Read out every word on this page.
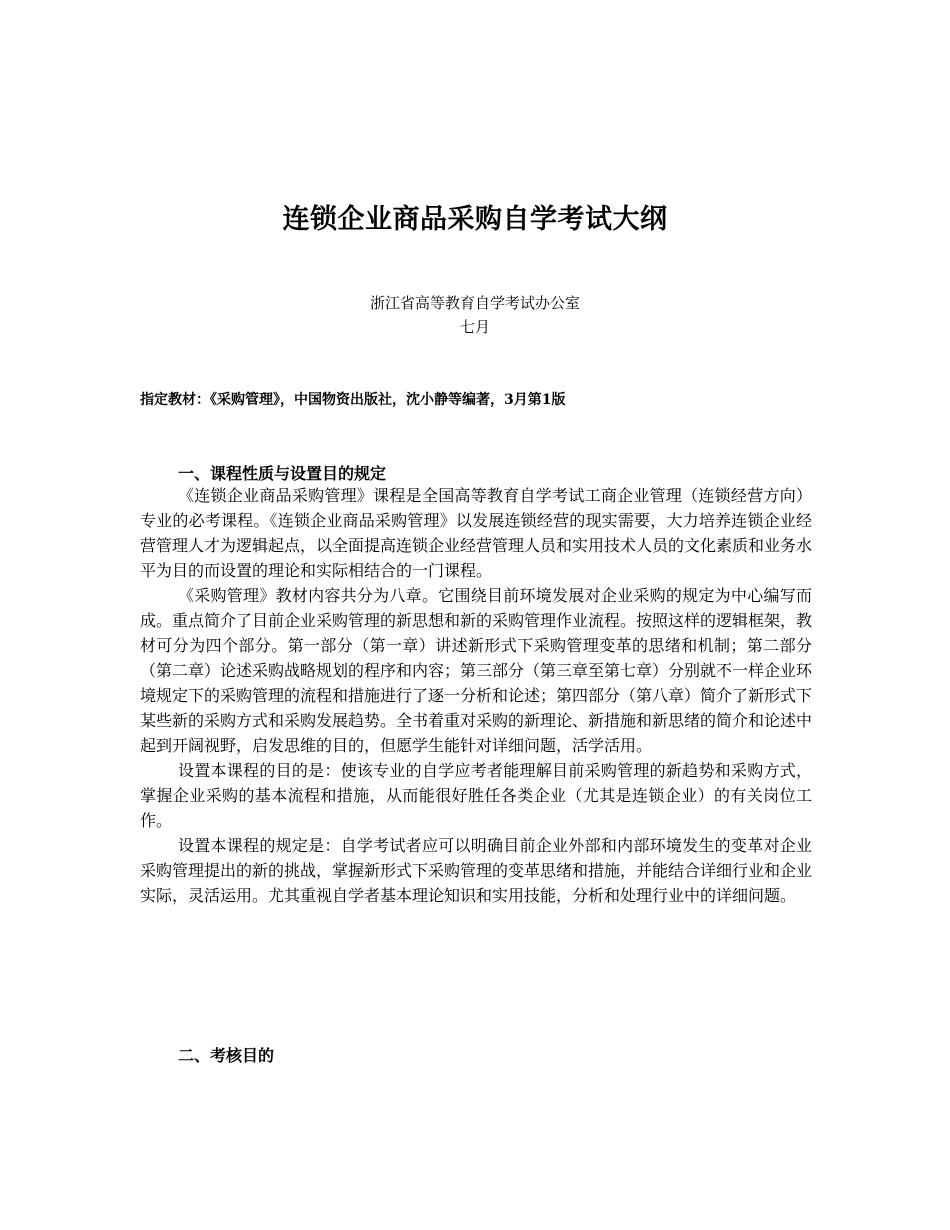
连锁企业商品采购自学考试大纲
浙江省高等教育自学考试办公室
七月
指定教材：《采购管理》，中国物资出版社，沈小静等编著，3月第1版
一、课程性质与设置目的规定

《连锁企业商品采购管理》课程是全国高等教育自学考试工商企业管理（连锁经营方向）专业的必考课程。《连锁企业商品采购管理》以发展连锁经营的现实需要，大力培养连锁企业经营管理人才为逻辑起点，以全面提高连锁企业经营管理人员和实用技术人员的文化素质和业务水平为目的而设置的理论和实际相结合的一门课程。

《采购管理》教材内容共分为八章。它围绕目前环境发展对企业采购的规定为中心编写而成。重点简介了目前企业采购管理的新思想和新的采购管理作业流程。按照这样的逻辑框架，教材可分为四个部分。第一部分（第一章）讲述新形式下采购管理变革的思绪和机制；第二部分（第二章）论述采购战略规划的程序和内容；第三部分（第三章至第七章）分别就不一样企业环境规定下的采购管理的流程和措施进行了逐一分析和论述；第四部分（第八章）简介了新形式下某些新的采购方式和采购发展趋势。全书着重对采购的新理论、新措施和新思绪的简介和论述中起到开阔视野，启发思维的目的，但愿学生能针对详细问题，活学活用。

设置本课程的目的是：使该专业的自学应考者能理解目前采购管理的新趋势和采购方式，掌握企业采购的基本流程和措施，从而能很好胜任各类企业（尤其是连锁企业）的有关岗位工作。

设置本课程的规定是：自学考试者应可以明确目前企业外部和内部环境发生的变革对企业采购管理提出的新的挑战，掌握新形式下采购管理的变革思绪和措施，并能结合详细行业和企业实际，灵活运用。尤其重视自学者基本理论知识和实用技能，分析和处理行业中的详细问题。

二、考核目的
